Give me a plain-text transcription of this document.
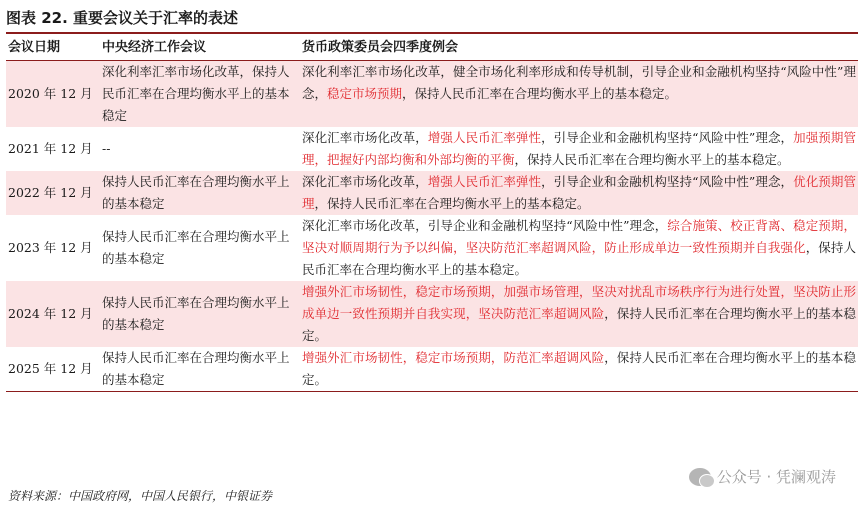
图表 22. 重要会议关于汇率的表述
会议日期	中央经济工作会议	货币政策委员会四季度例会
2020 年 12 月
深化利率汇率市场化改革，保持人民币汇率在合理均衡水平上的基本稳定
深化利率汇率市场化改革，健全市场化利率形成和传导机制，引导企业和金融机构坚持“风险中性”理念，稳定市场预期，保持人民币汇率在合理均衡水平上的基本稳定。
2021 年 12 月 --
深化汇率市场化改革，增强人民币汇率弹性，引导企业和金融机构坚持“风险中性”理念，加强预期管理，把握好内部均衡和外部均衡的平衡，保持人民币汇率在合理均衡水平上的基本稳定。
2022 年 12 月
保持人民币汇率在合理均衡水平上的基本稳定
深化汇率市场化改革，增强人民币汇率弹性，引导企业和金融机构坚持“风险中性”理念，优化预期管理，保持人民币汇率在合理均衡水平上的基本稳定。
2023 年 12 月
保持人民币汇率在合理均衡水平上的基本稳定
深化汇率市场化改革，引导企业和金融机构坚持“风险中性”理念，综合施策、校正背离、稳定预期，坚决对顺周期行为予以纠偏，坚决防范汇率超调风险，防止形成单边一致性预期并自我强化，保持人民币汇率在合理均衡水平上的基本稳定。
2024 年 12 月
保持人民币汇率在合理均衡水平上的基本稳定
增强外汇市场韧性，稳定市场预期，加强市场管理，坚决对扰乱市场秩序行为进行处置，坚决防止形成单边一致性预期并自我实现，坚决防范汇率超调风险，保持人民币汇率在合理均衡水平上的基本稳定。
2025 年 12 月
保持人民币汇率在合理均衡水平上的基本稳定
增强外汇市场韧性，稳定市场预期，防范汇率超调风险，保持人民币汇率在合理均衡水平上的基本稳定。
公众号 · 凭澜观涛
资料来源：中国政府网，中国人民银行，中银证券
